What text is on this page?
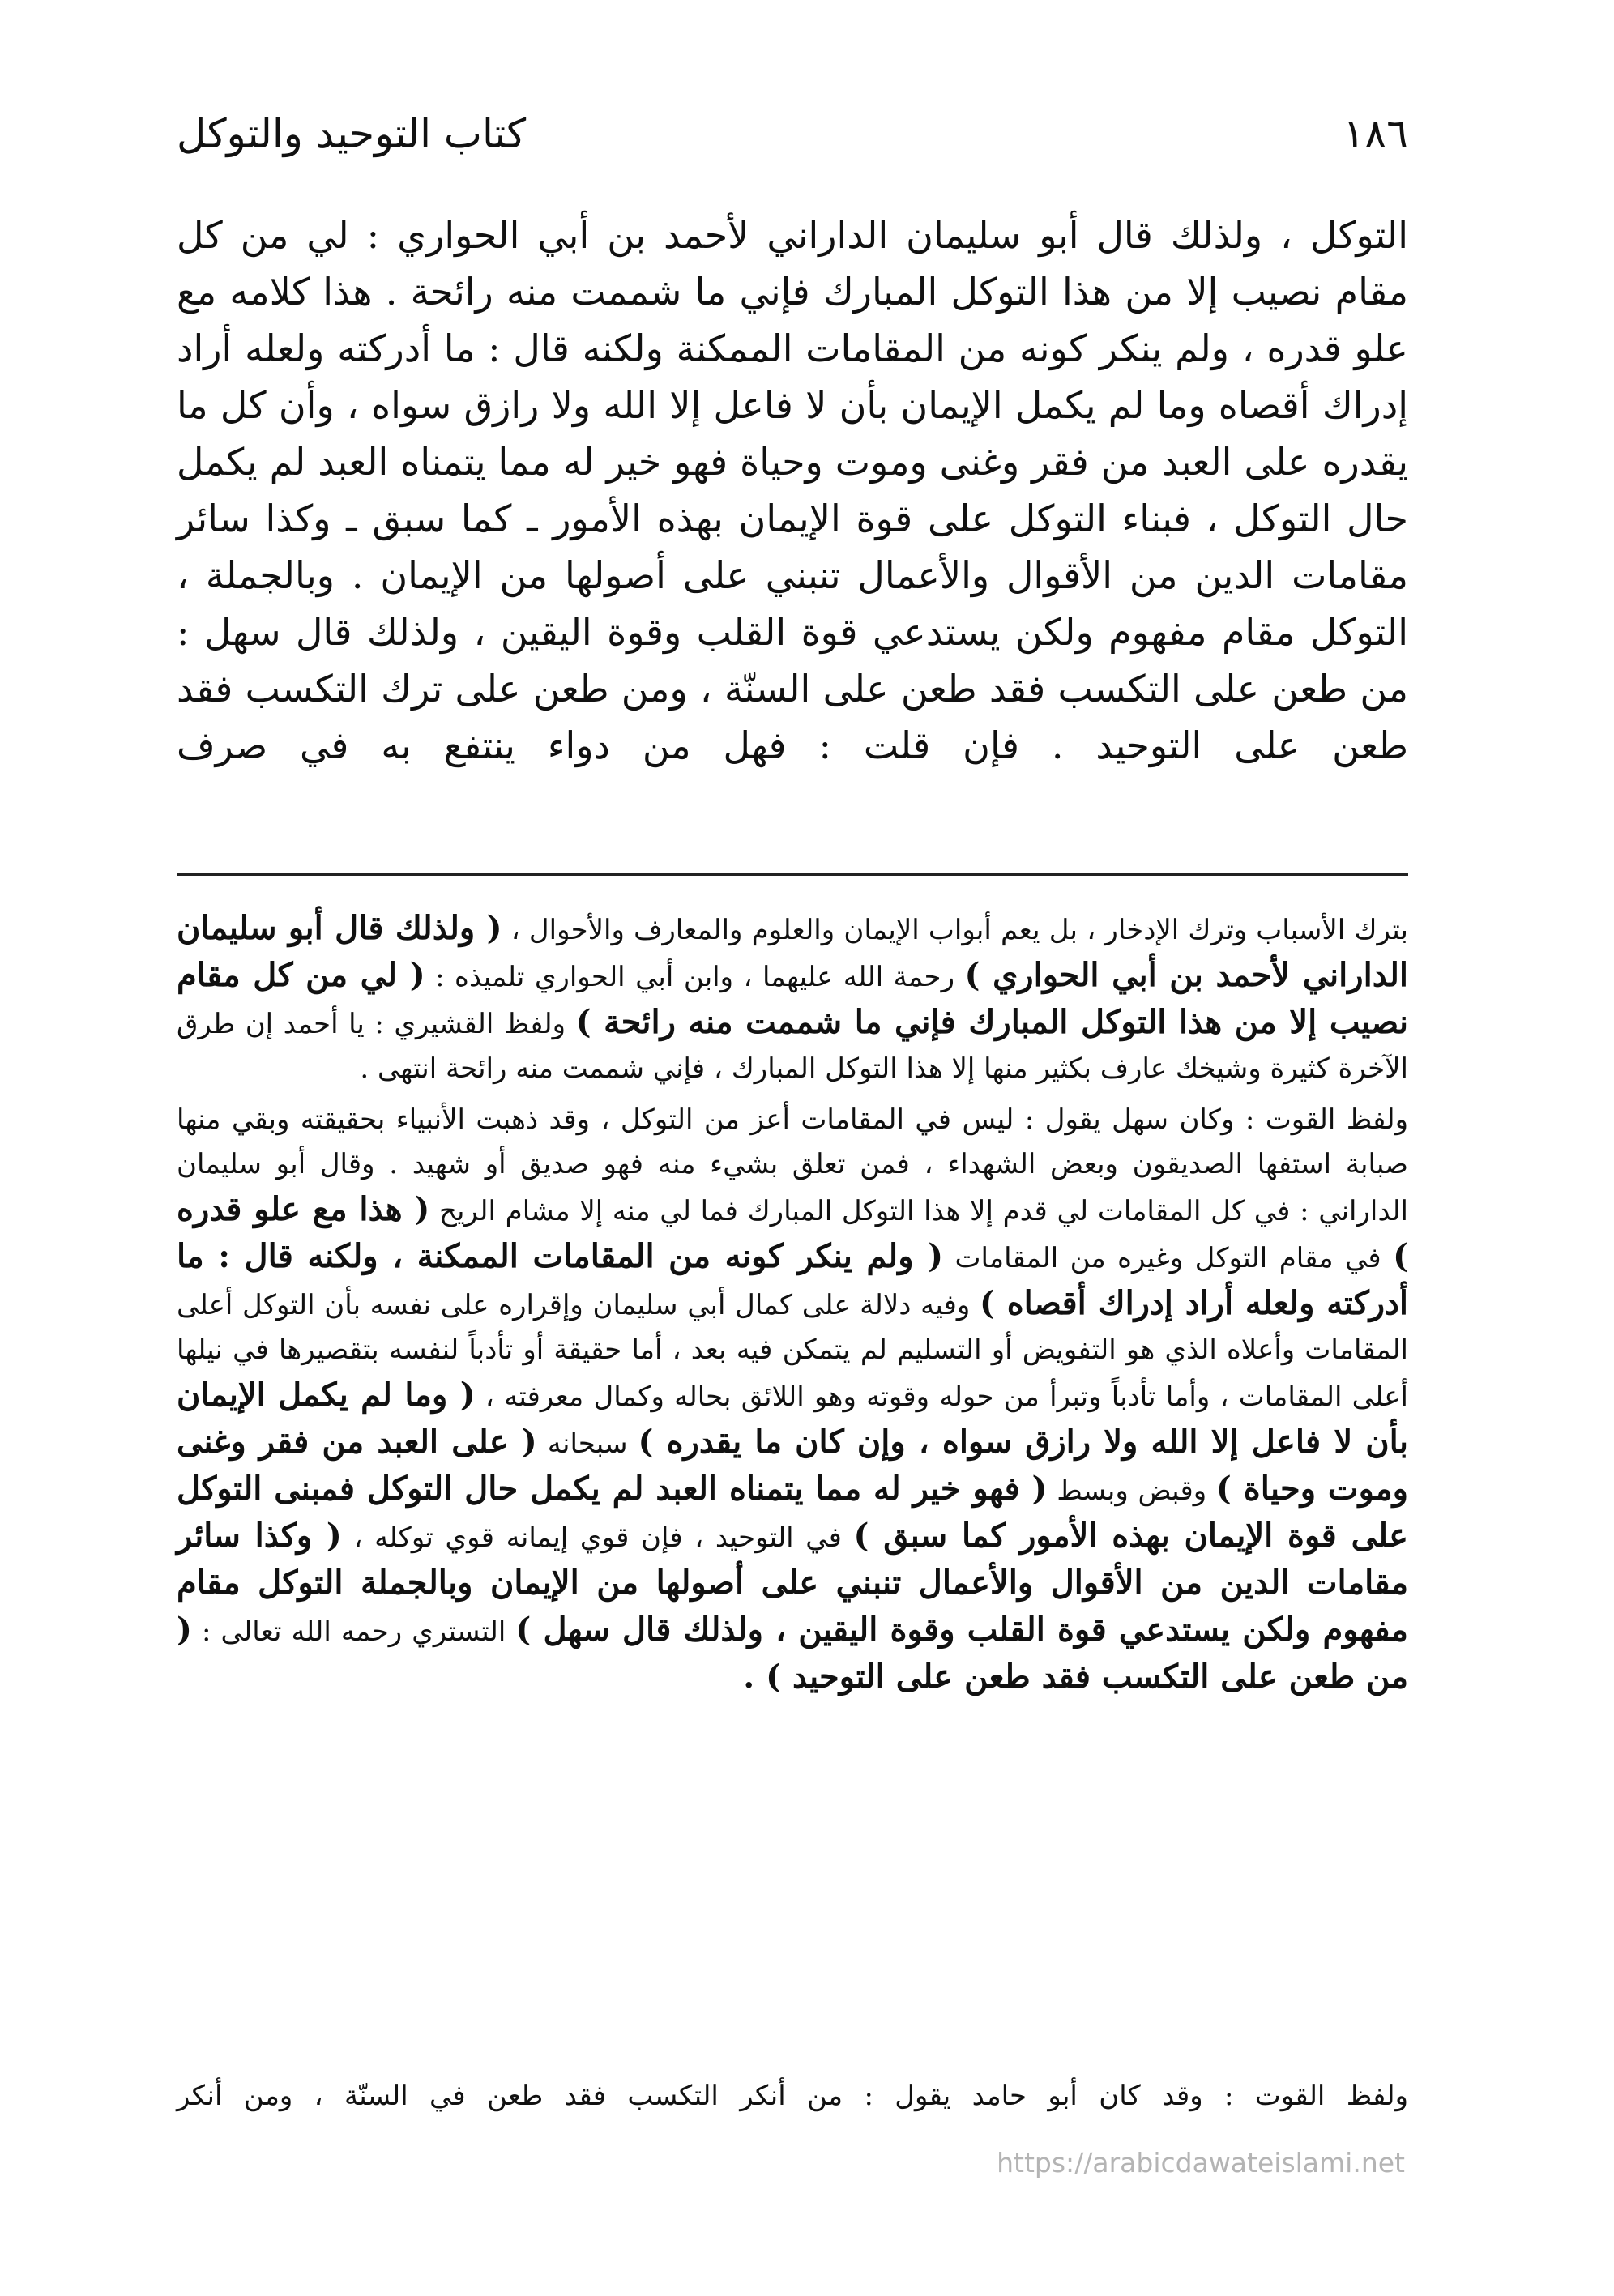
كتاب التوحيد والتوكل	١٨٦

التوكل ، ولذلك قال أبو سليمان الداراني لأحمد بن أبي الحواري : لي من كل مقام نصيب إلا من هذا التوكل المبارك فإني ما شممت منه رائحة . هذا كلامه مع علو قدره ، ولم ينكر كونه من المقامات الممكنة ولكنه قال : ما أدركته ولعله أراد إدراك أقصاه وما لم يكمل الإيمان بأن لا فاعل إلا الله ولا رازق سواه ، وأن كل ما يقدره على العبد من فقر وغنى وموت وحياة فهو خير له مما يتمناه العبد لم يكمل حال التوكل ، فبناء التوكل على قوة الإيمان بهذه الأمور ـ كما سبق ـ وكذا سائر مقامات الدين من الأقوال والأعمال تنبني على أصولها من الإيمان . وبالجملة ، التوكل مقام مفهوم ولكن يستدعي قوة القلب وقوة اليقين ، ولذلك قال سهل : من طعن على التكسب فقد طعن على السنّة ، ومن طعن على ترك التكسب فقد طعن على التوحيد . فإن قلت : فهل من دواء ينتفع به في صرف

بترك الأسباب وترك الإدخار ، بل يعم أبواب الإيمان والعلوم والمعارف والأحوال ، ( ولذلك قال أبو سليمان الداراني لأحمد بن أبي الحواري ) رحمة الله عليهما ، وابن أبي الحواري تلميذه : ( لي من كل مقام نصيب إلا من هذا التوكل المبارك فإني ما شممت منه رائحة ) ولفظ القشيري : يا أحمد إن طرق الآخرة كثيرة وشيخك عارف بكثير منها إلا هذا التوكل المبارك ، فإني شممت منه رائحة انتهى .

ولفظ القوت : وكان سهل يقول : ليس في المقامات أعز من التوكل ، وقد ذهبت الأنبياء بحقيقته وبقي منها صبابة استفها الصديقون وبعض الشهداء ، فمن تعلق بشيء منه فهو صديق أو شهيد . وقال أبو سليمان الداراني : في كل المقامات لي قدم إلا هذا التوكل المبارك فما لي منه إلا مشام الريح ( هذا مع علو قدره ) في مقام التوكل وغيره من المقامات ( ولم ينكر كونه من المقامات الممكنة ، ولكنه قال : ما أدركته ولعله أراد إدراك أقصاه ) وفيه دلالة على كمال أبي سليمان وإقراره على نفسه بأن التوكل أعلى المقامات وأعلاه الذي هو التفويض أو التسليم لم يتمكن فيه بعد ، أما حقيقة أو تأدباً لنفسه بتقصيرها في نيلها أعلى المقامات ، وأما تأدباً وتبرأ من حوله وقوته وهو اللائق بحاله وكمال معرفته ، ( وما لم يكمل الإيمان بأن لا فاعل إلا الله ولا رازق سواه ، وإن كان ما يقدره ) سبحانه ( على العبد من فقر وغنى وموت وحياة ) وقبض وبسط ( فهو خير له مما يتمناه العبد لم يكمل حال التوكل فمبنى التوكل على قوة الإيمان بهذه الأمور كما سبق ) في التوحيد ، فإن قوي إيمانه قوي توكله ، ( وكذا سائر مقامات الدين من الأقوال والأعمال تنبني على أصولها من الإيمان وبالجملة التوكل مقام مفهوم ولكن يستدعي قوة القلب وقوة اليقين ، ولذلك قال سهل ) التستري رحمه الله تعالى : ( من طعن على التكسب فقد طعن على التوحيد ) .

ولفظ القوت : وقد كان أبو حامد يقول : من أنكر التكسب فقد طعن في السنّة ، ومن أنكر
https://arabicdawateislami.net
